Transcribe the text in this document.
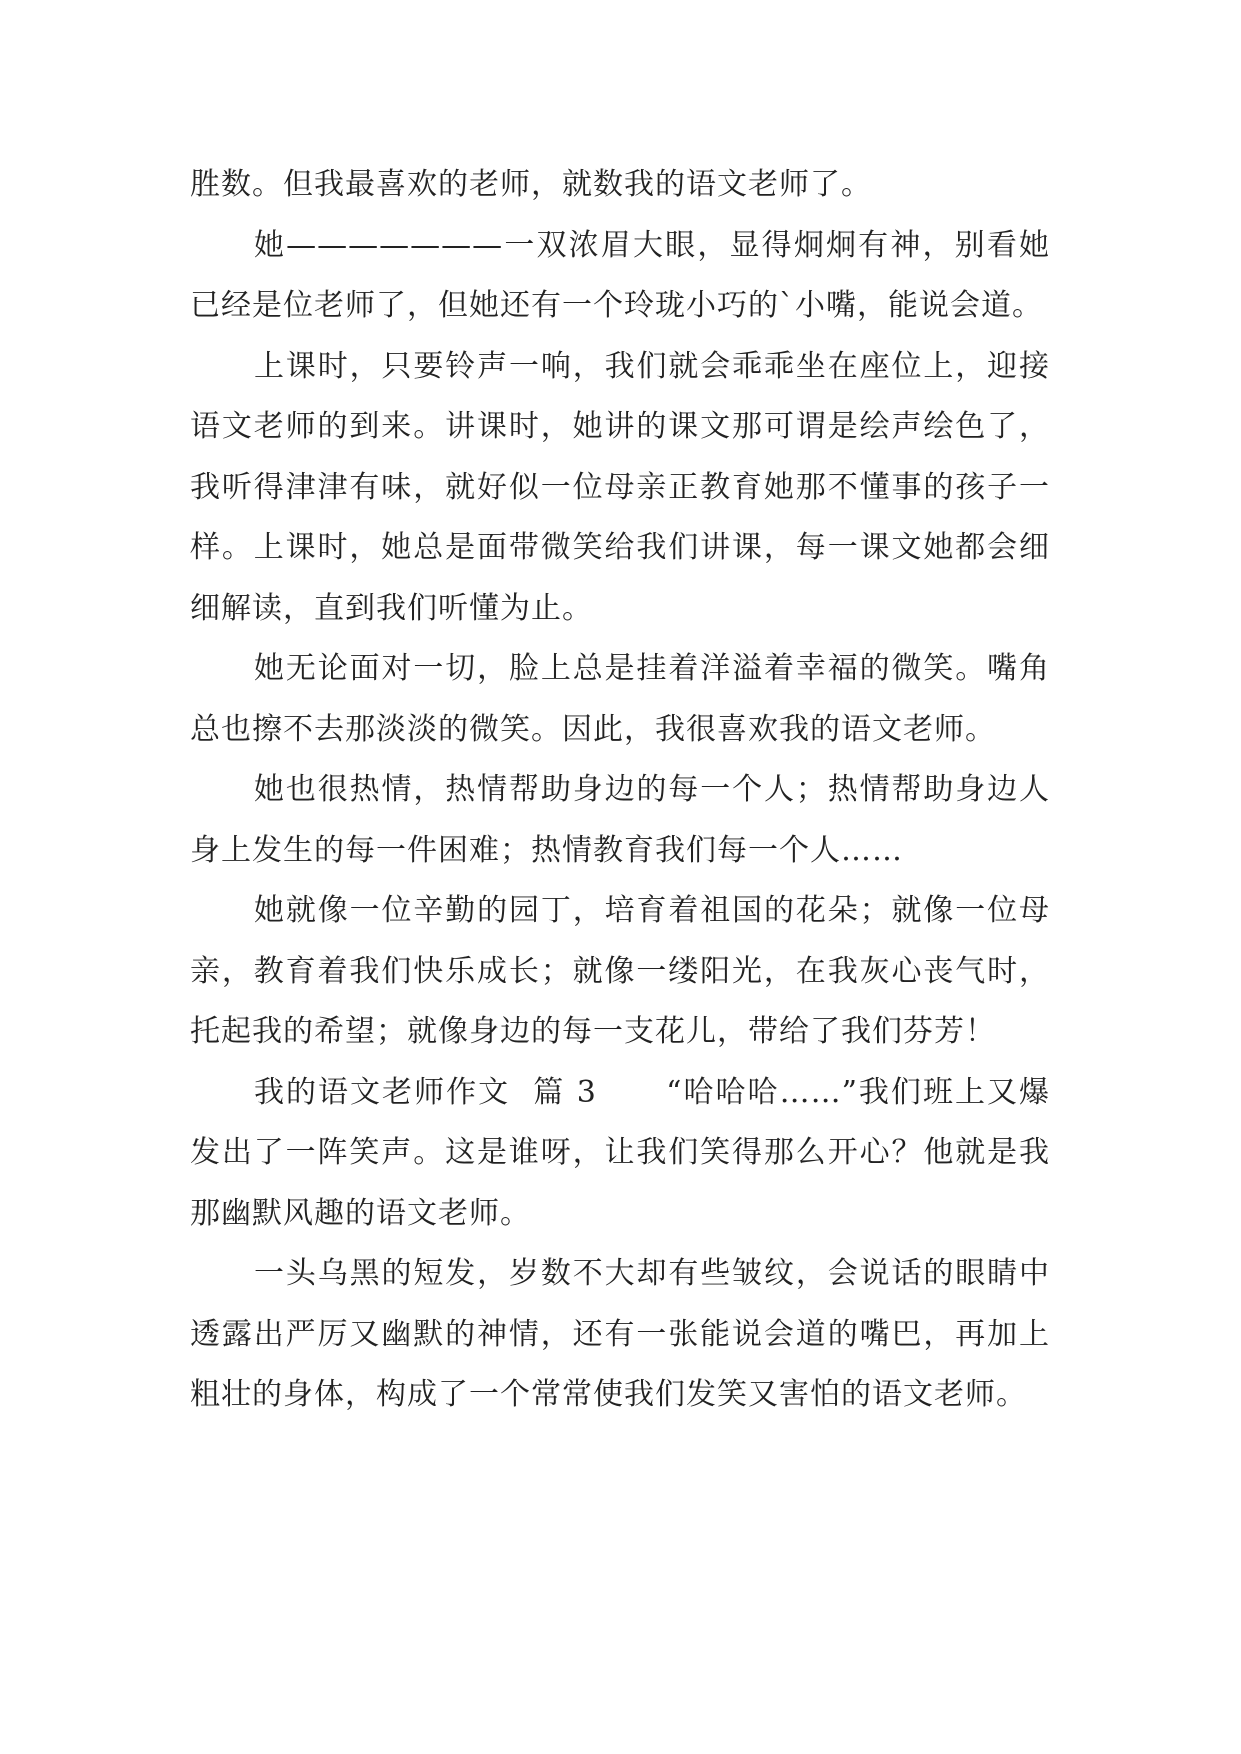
胜数。但我最喜欢的老师，就数我的语文老师了。

她———————一双浓眉大眼，显得炯炯有神，别看她已经是位老师了，但她还有一个玲珑小巧的`小嘴，能说会道。

上课时，只要铃声一响，我们就会乖乖坐在座位上，迎接语文老师的到来。讲课时，她讲的课文那可谓是绘声绘色了，我听得津津有味，就好似一位母亲正教育她那不懂事的孩子一样。上课时，她总是面带微笑给我们讲课，每一课文她都会细细解读，直到我们听懂为止。

她无论面对一切，脸上总是挂着洋溢着幸福的微笑。嘴角总也擦不去那淡淡的微笑。因此，我很喜欢我的语文老师。

她也很热情，热情帮助身边的每一个人；热情帮助身边人身上发生的每一件困难；热情教育我们每一个人……

她就像一位辛勤的园丁，培育着祖国的花朵；就像一位母亲，教育着我们快乐成长；就像一缕阳光，在我灰心丧气时，托起我的希望；就像身边的每一支花儿，带给了我们芬芳！

我的语文老师作文  篇 3      “哈哈哈……”我们班上又爆发出了一阵笑声。这是谁呀，让我们笑得那么开心？他就是我那幽默风趣的语文老师。

一头乌黑的短发，岁数不大却有些皱纹，会说话的眼睛中透露出严厉又幽默的神情，还有一张能说会道的嘴巴，再加上粗壮的身体，构成了一个常常使我们发笑又害怕的语文老师。
